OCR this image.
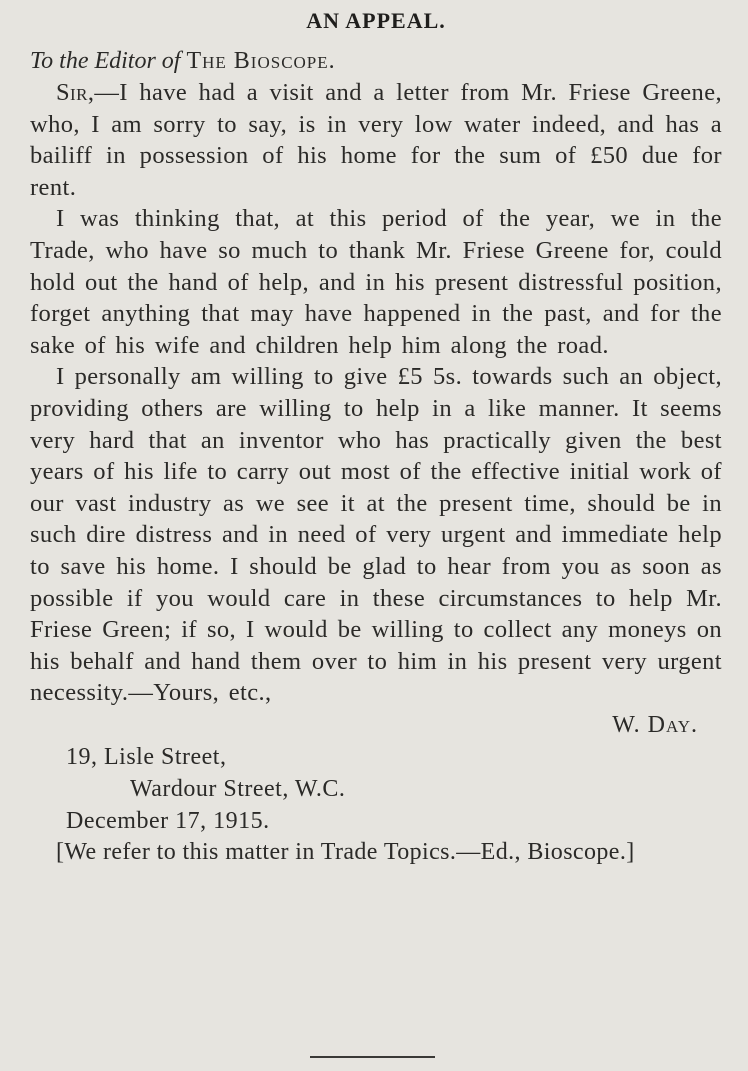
AN APPEAL.

To the Editor of The Bioscope.

Sir,—I have had a visit and a letter from Mr. Friese Greene, who, I am sorry to say, is in very low water indeed, and has a bailiff in possession of his home for the sum of £50 due for rent.

I was thinking that, at this period of the year, we in the Trade, who have so much to thank Mr. Friese Greene for, could hold out the hand of help, and in his present distressful position, forget anything that may have happened in the past, and for the sake of his wife and children help him along the road.

I personally am willing to give £5 5s. towards such an object, providing others are willing to help in a like manner. It seems very hard that an inventor who has practically given the best years of his life to carry out most of the effective initial work of our vast industry as we see it at the present time, should be in such dire distress and in need of very urgent and immediate help to save his home. I should be glad to hear from you as soon as possible if you would care in these circumstances to help Mr. Friese Green; if so, I would be willing to collect any moneys on his behalf and hand them over to him in his present very urgent necessity.—Yours, etc.,

W. Day.

19, Lisle Street,
Wardour Street, W.C.
December 17, 1915.

[We refer to this matter in Trade Topics.—Ed., Bioscope.]
